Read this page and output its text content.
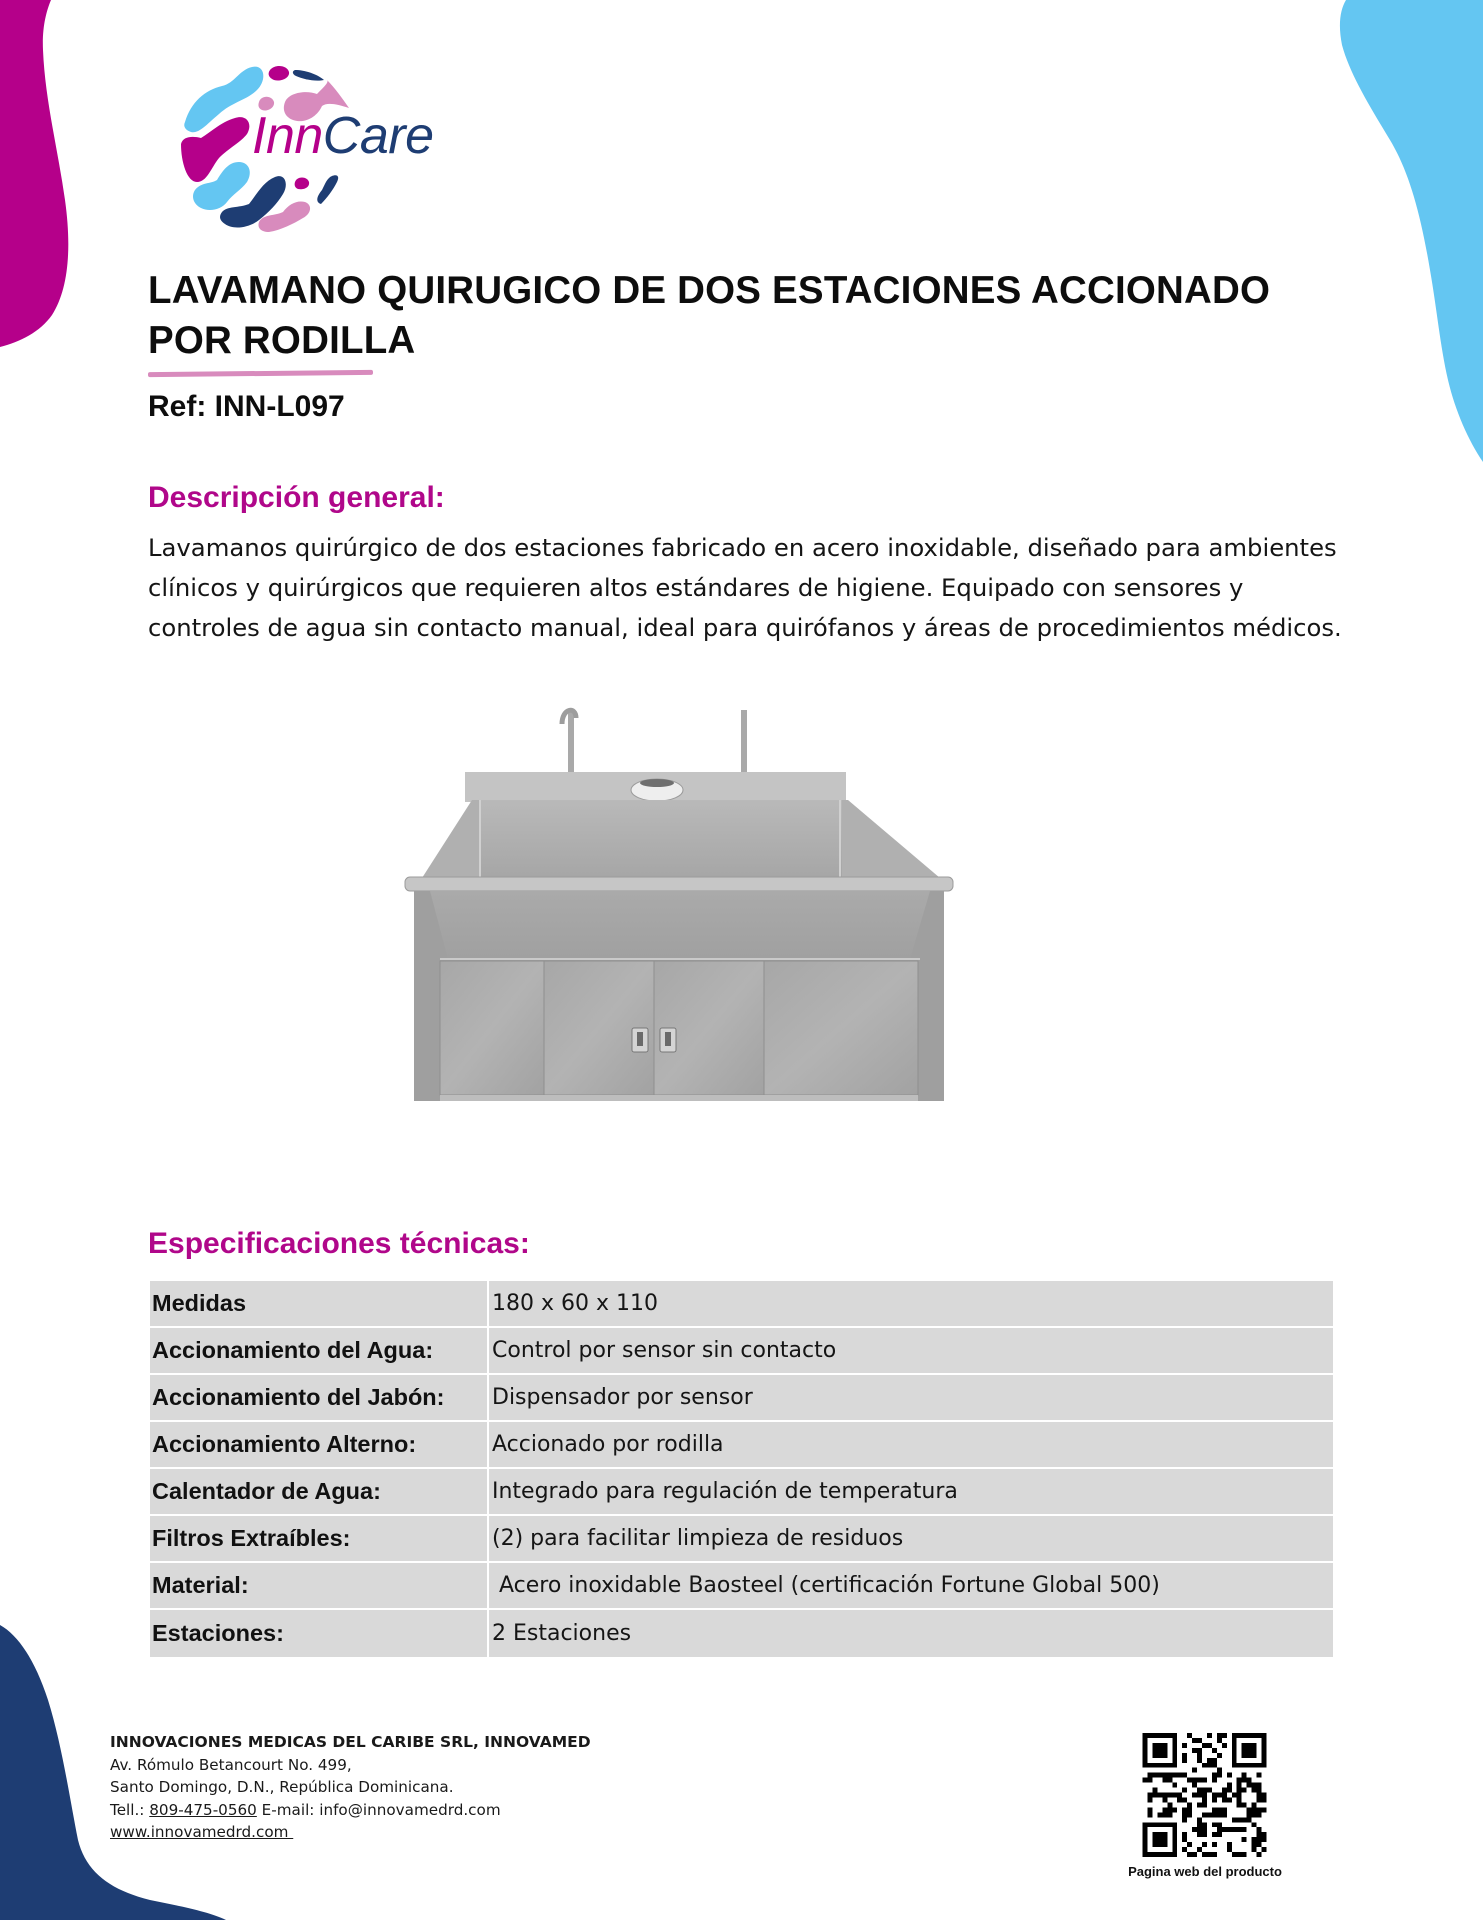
InnCare
LAVAMANO QUIRUGICO DE DOS ESTACIONES ACCIONADO
POR RODILLA
Ref: INN-L097
Descripción general:
Lavamanos quirúrgico de dos estaciones fabricado en acero inoxidable, diseñado para ambientes
clínicos y quirúrgicos que requieren altos estándares de higiene. Equipado con sensores y
controles de agua sin contacto manual, ideal para quirófanos y áreas de procedimientos médicos.
Especificaciones técnicas:
Medidas	180 x 60 x 110
Accionamiento del Agua:	Control por sensor sin contacto
Accionamiento del Jabón:	Dispensador por sensor
Accionamiento Alterno:	Accionado por rodilla
Calentador de Agua:	Integrado para regulación de temperatura
Filtros Extraíbles:	(2) para facilitar limpieza de residuos
Material:	Acero inoxidable Baosteel (certificación Fortune Global 500)
Estaciones:	2 Estaciones
INNOVACIONES MEDICAS DEL CARIBE SRL, INNOVAMED
Av. Rómulo Betancourt No. 499,
Santo Domingo, D.N., República Dominicana.
Tell.: 809-475-0560 E-mail: info@innovamedrd.com
www.innovamedrd.com
Pagina web del producto
